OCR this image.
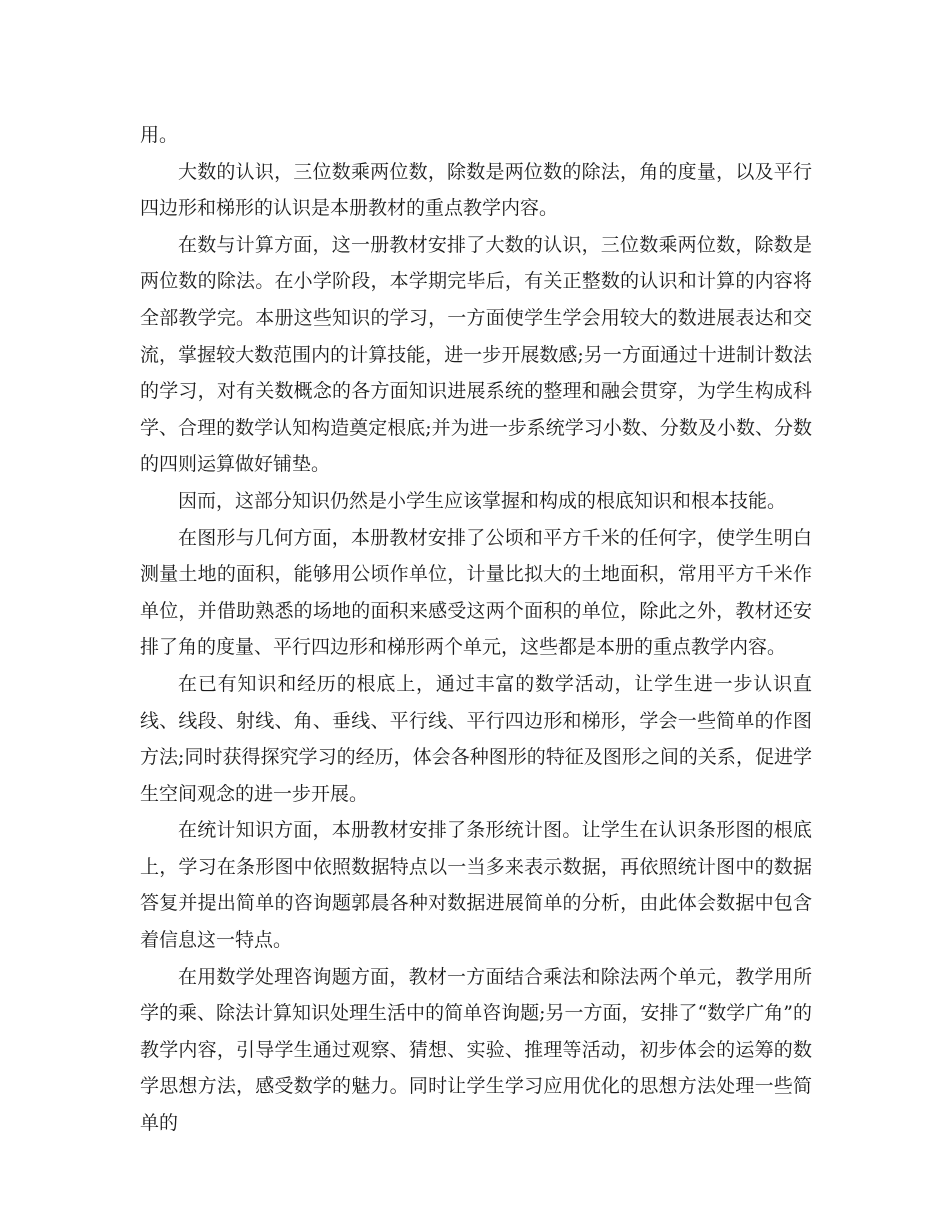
用。

大数的认识，三位数乘两位数，除数是两位数的除法，角的度量，以及平行四边形和梯形的认识是本册教材的重点教学内容。

在数与计算方面，这一册教材安排了大数的认识，三位数乘两位数，除数是两位数的除法。在小学阶段，本学期完毕后，有关正整数的认识和计算的内容将全部教学完。本册这些知识的学习，一方面使学生学会用较大的数进展表达和交流，掌握较大数范围内的计算技能，进一步开展数感;另一方面通过十进制计数法的学习，对有关数概念的各方面知识进展系统的整理和融会贯穿，为学生构成科学、合理的数学认知构造奠定根底;并为进一步系统学习小数、分数及小数、分数的四则运算做好铺垫。

因而，这部分知识仍然是小学生应该掌握和构成的根底知识和根本技能。

在图形与几何方面，本册教材安排了公顷和平方千米的任何字，使学生明白测量土地的面积，能够用公顷作单位，计量比拟大的土地面积，常用平方千米作单位，并借助熟悉的场地的面积来感受这两个面积的单位，除此之外，教材还安排了角的度量、平行四边形和梯形两个单元，这些都是本册的重点教学内容。

在已有知识和经历的根底上，通过丰富的数学活动，让学生进一步认识直线、线段、射线、角、垂线、平行线、平行四边形和梯形，学会一些简单的作图方法;同时获得探究学习的经历，体会各种图形的特征及图形之间的关系，促进学生空间观念的进一步开展。

在统计知识方面，本册教材安排了条形统计图。让学生在认识条形图的根底上，学习在条形图中依照数据特点以一当多来表示数据，再依照统计图中的数据答复并提出简单的咨询题郭晨各种对数据进展简单的分析，由此体会数据中包含着信息这一特点。

在用数学处理咨询题方面，教材一方面结合乘法和除法两个单元，教学用所学的乘、除法计算知识处理生活中的简单咨询题;另一方面，安排了“数学广角”的教学内容，引导学生通过观察、猜想、实验、推理等活动，初步体会的运筹的数学思想方法，感受数学的魅力。同时让学生学习应用优化的思想方法处理一些简单的
